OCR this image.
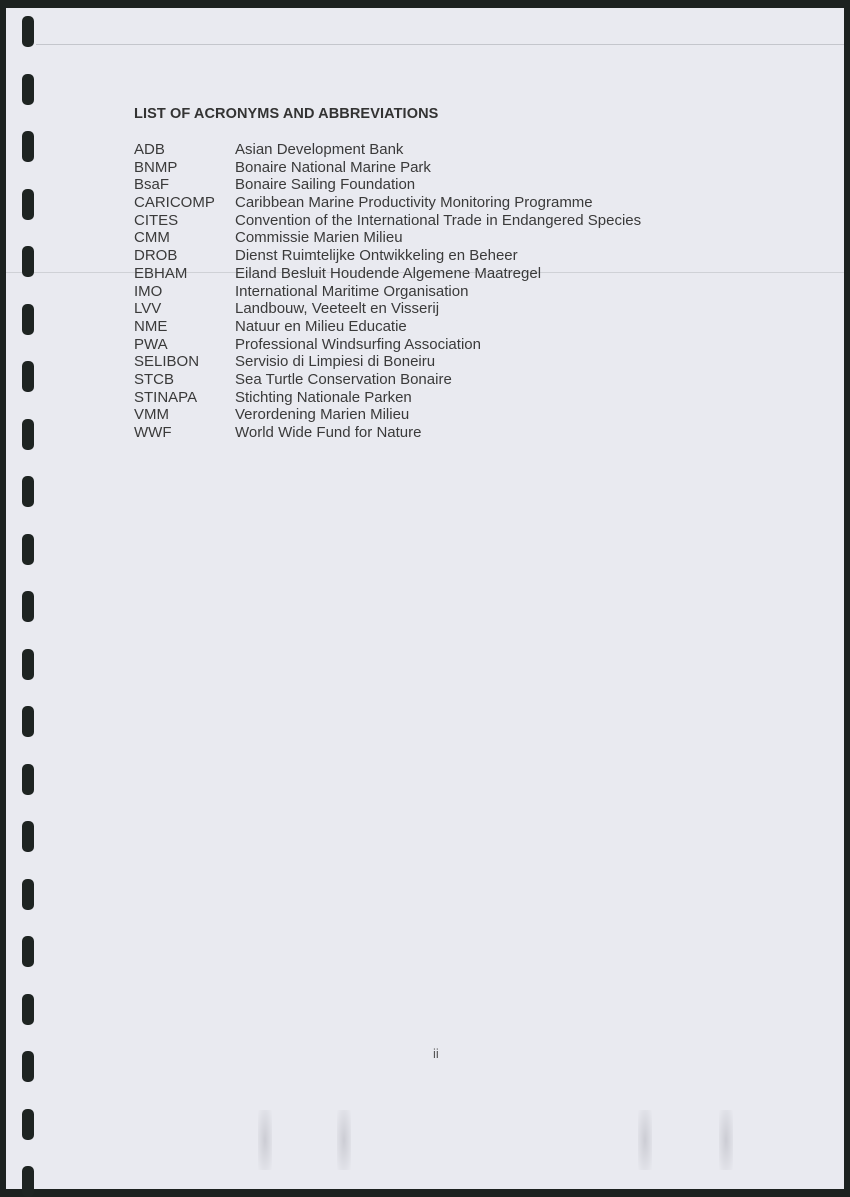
LIST OF ACRONYMS AND ABBREVIATIONS
ADB	Asian Development Bank
BNMP	Bonaire National Marine Park
BsaF	Bonaire Sailing Foundation
CARICOMP	Caribbean Marine Productivity Monitoring Programme
CITES	Convention of the International Trade in Endangered Species
CMM	Commissie Marien Milieu
DROB	Dienst Ruimtelijke Ontwikkeling en Beheer
EBHAM	Eiland Besluit Houdende Algemene Maatregel
IMO	International Maritime Organisation
LVV	Landbouw, Veeteelt en Visserij
NME	Natuur en Milieu Educatie
PWA	Professional Windsurfing Association
SELIBON	Servisio di Limpiesi di Boneiru
STCB	Sea Turtle Conservation Bonaire
STINAPA	Stichting Nationale Parken
VMM	Verordening Marien Milieu
WWF	World Wide Fund for Nature
ii
